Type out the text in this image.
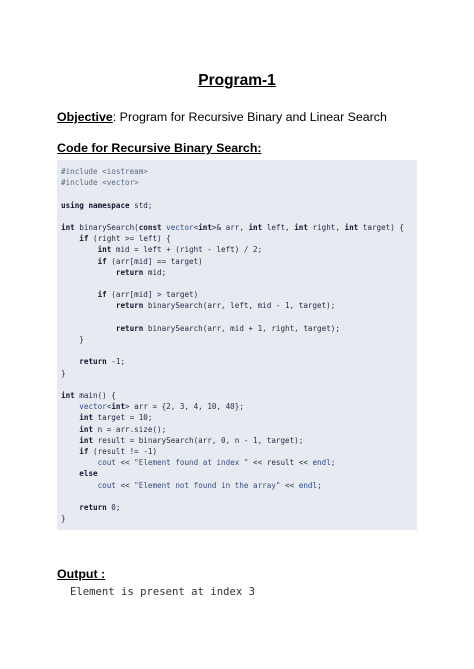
Program-1
Objective: Program for Recursive Binary and Linear Search
Code for Recursive Binary Search:
#include <iostream>
#include <vector>
using namespace std;
int binarySearch(const vector<int>& arr, int left, int right, int target) {
if (right >= left) {
int mid = left + (right - left) / 2;
if (arr[mid] == target)
return mid;
if (arr[mid] > target)
return binarySearch(arr, left, mid - 1, target);
return binarySearch(arr, mid + 1, right, target);
}
return -1;
}
int main() {
vector<int> arr = {2, 3, 4, 10, 40};
int target = 10;
int n = arr.size();
int result = binarySearch(arr, 0, n - 1, target);
if (result != -1)
cout << "Element found at index " << result << endl;
else
cout << "Element not found in the array" << endl;
return 0;
}
Output :
Element is present at index 3
